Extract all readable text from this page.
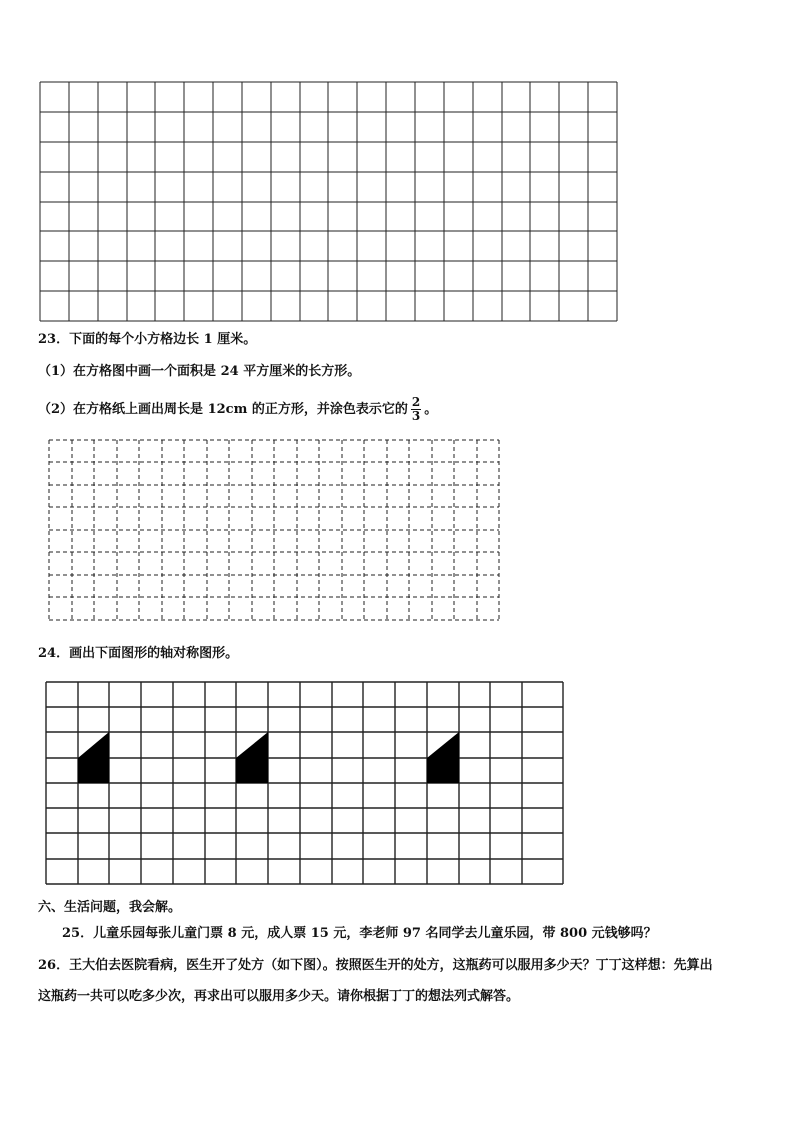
23．下面的每个小方格边长 1 厘米。
（1）在方格图中画一个面积是 24 平方厘米的长方形。
（2）在方格纸上画出周长是 12cm 的正方形，并涂色表示它的 $\frac{2}{3}$ 。
24．画出下面图形的轴对称图形。
六、生活问题，我会解。
25．儿童乐园每张儿童门票 8 元，成人票 15 元，李老师 97 名同学去儿童乐园，带 800 元钱够吗？
26．王大伯去医院看病，医生开了处方（如下图）。按照医生开的处方，这瓶药可以服用多少天？丁丁这样想：先算出
这瓶药一共可以吃多少次，再求出可以服用多少天。请你根据丁丁的想法列式解答。
